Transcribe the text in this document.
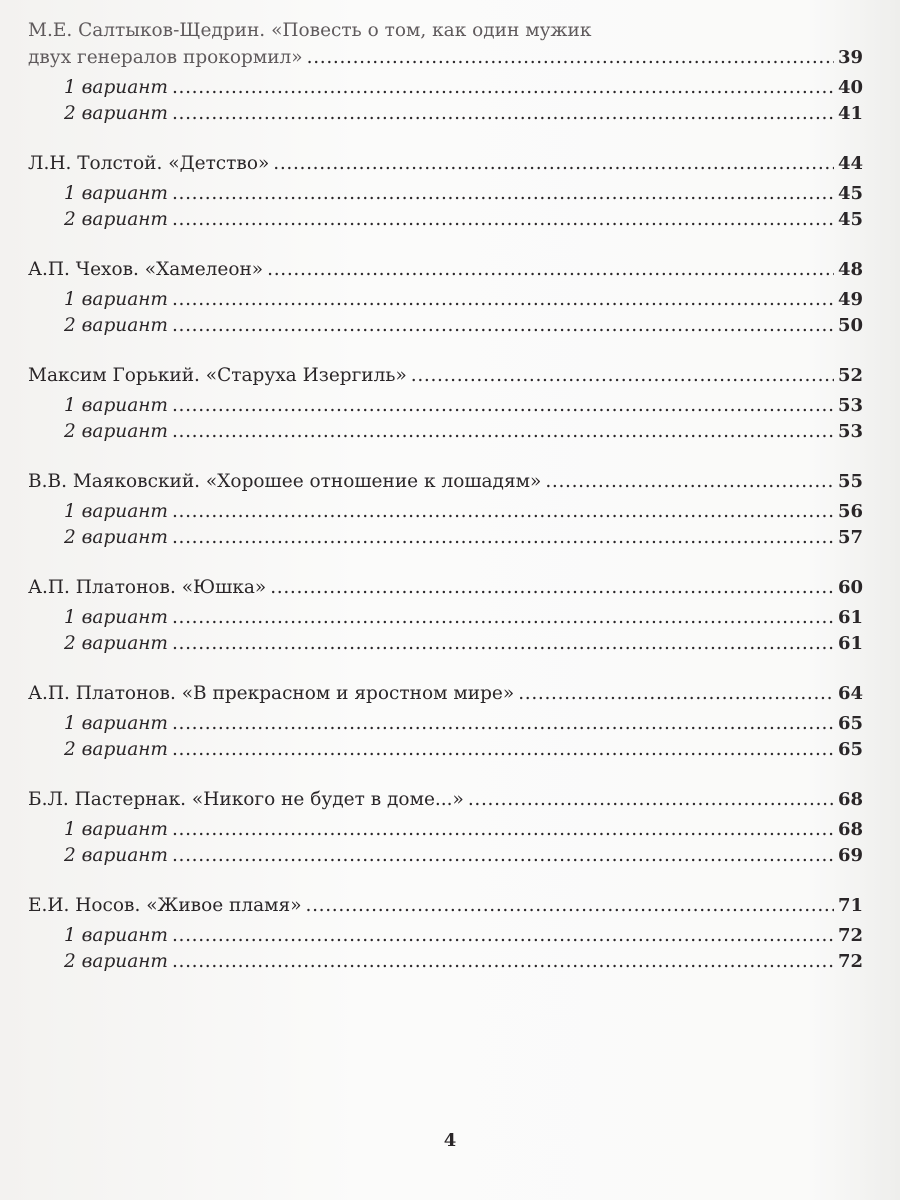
М.Е. Салтыков-Щедрин. «Повесть о том, как один мужик
двух генералов прокормил» . . .	39
1 вариант . . .	40
2 вариант . . .	41
Л.Н. Толстой. «Детство» . . .	44
1 вариант . . .	45
2 вариант . . .	45
А.П. Чехов. «Хамелеон» . . .	48
1 вариант . . .	49
2 вариант . . .	50
Максим Горький. «Старуха Изергиль» . . .	52
1 вариант . . .	53
2 вариант . . .	53
В.В. Маяковский. «Хорошее отношение к лошадям» . . .	55
1 вариант . . .	56
2 вариант . . .	57
А.П. Платонов. «Юшка» . . .	60
1 вариант . . .	61
2 вариант . . .	61
А.П. Платонов. «В прекрасном и яростном мире» . . .	64
1 вариант . . .	65
2 вариант . . .	65
Б.Л. Пастернак. «Никого не будет в доме...» . . .	68
1 вариант . . .	68
2 вариант . . .	69
Е.И. Носов. «Живое пламя» . . .	71
1 вариант . . .	72
2 вариант . . .	72
4
